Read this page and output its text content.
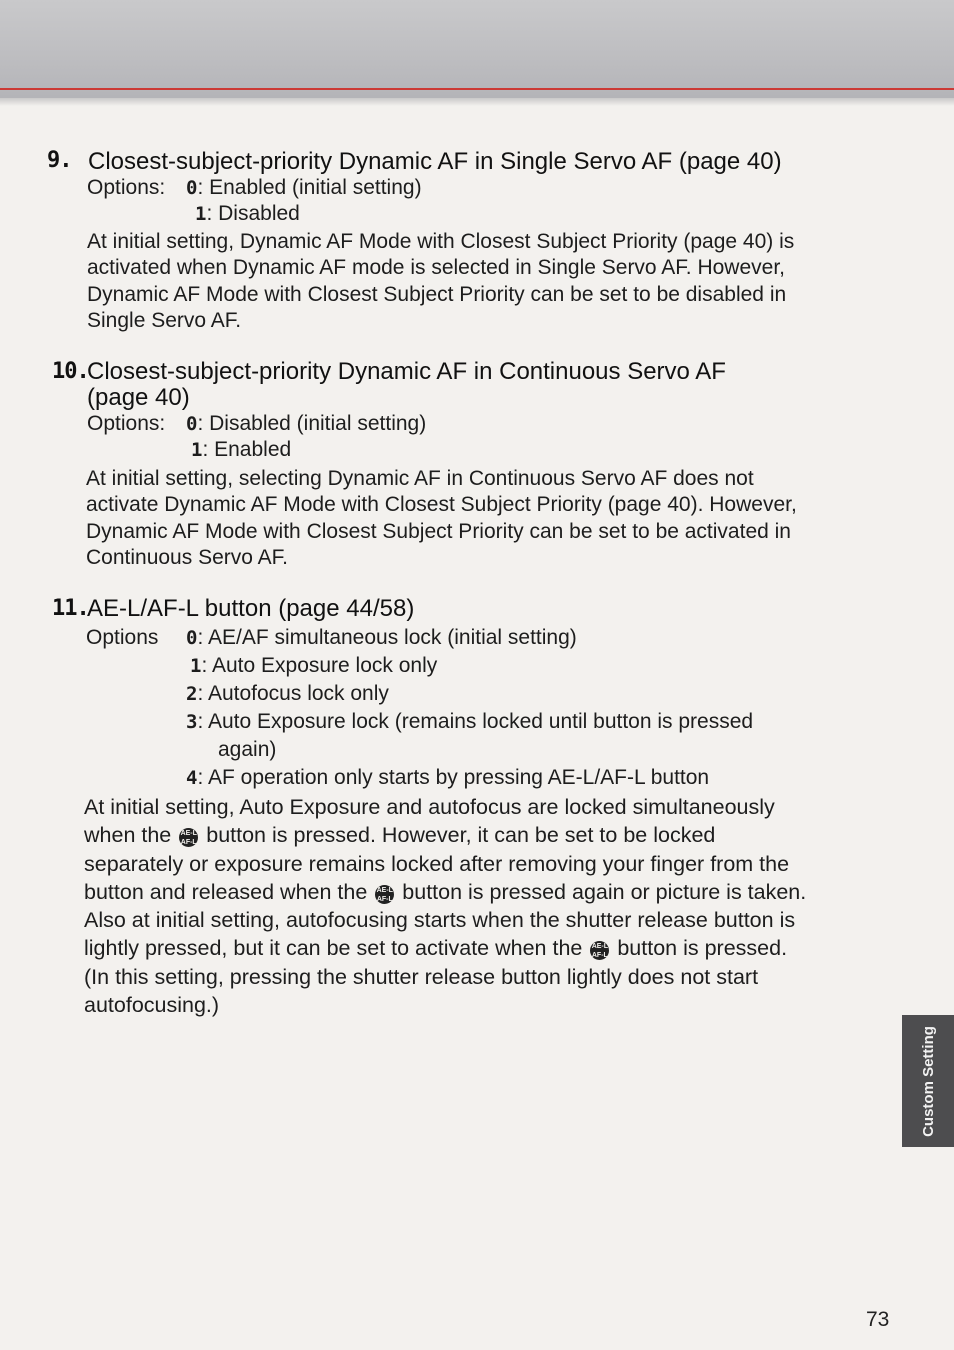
9. Closest-subject-priority Dynamic AF in Single Servo AF (page 40)
Options: 0: Enabled (initial setting)
1: Disabled
At initial setting, Dynamic AF Mode with Closest Subject Priority (page 40) is
activated when Dynamic AF mode is selected in Single Servo AF. However,
Dynamic AF Mode with Closest Subject Priority can be set to be disabled in
Single Servo AF.
10.
Closest-subject-priority Dynamic AF in Continuous Servo AF
(page 40)
Options: 0: Disabled (initial setting)
1: Enabled
At initial setting, selecting Dynamic AF in Continuous Servo AF does not
activate Dynamic AF Mode with Closest Subject Priority (page 40). However,
Dynamic AF Mode with Closest Subject Priority can be set to be activated in
Continuous Servo AF.
11.
AE-L/AF-L button (page 44/58)
Options 0: AE/AF simultaneous lock (initial setting)
1: Auto Exposure lock only
2: Autofocus lock only
3: Auto Exposure lock (remains locked until button is pressed
again)
4: AF operation only starts by pressing AE-L/AF-L button
At initial setting, Auto Exposure and autofocus are locked simultaneously
when the AE-L AF-L button is pressed. However, it can be set to be locked
separately or exposure remains locked after removing your finger from the
button and released when the AE-L AF-L button is pressed again or picture is taken.
Also at initial setting, autofocusing starts when the shutter release button is
lightly pressed, but it can be set to activate when the AE-L AF-L button is pressed.
(In this setting, pressing the shutter release button lightly does not start
autofocusing.)
Custom Setting
73
